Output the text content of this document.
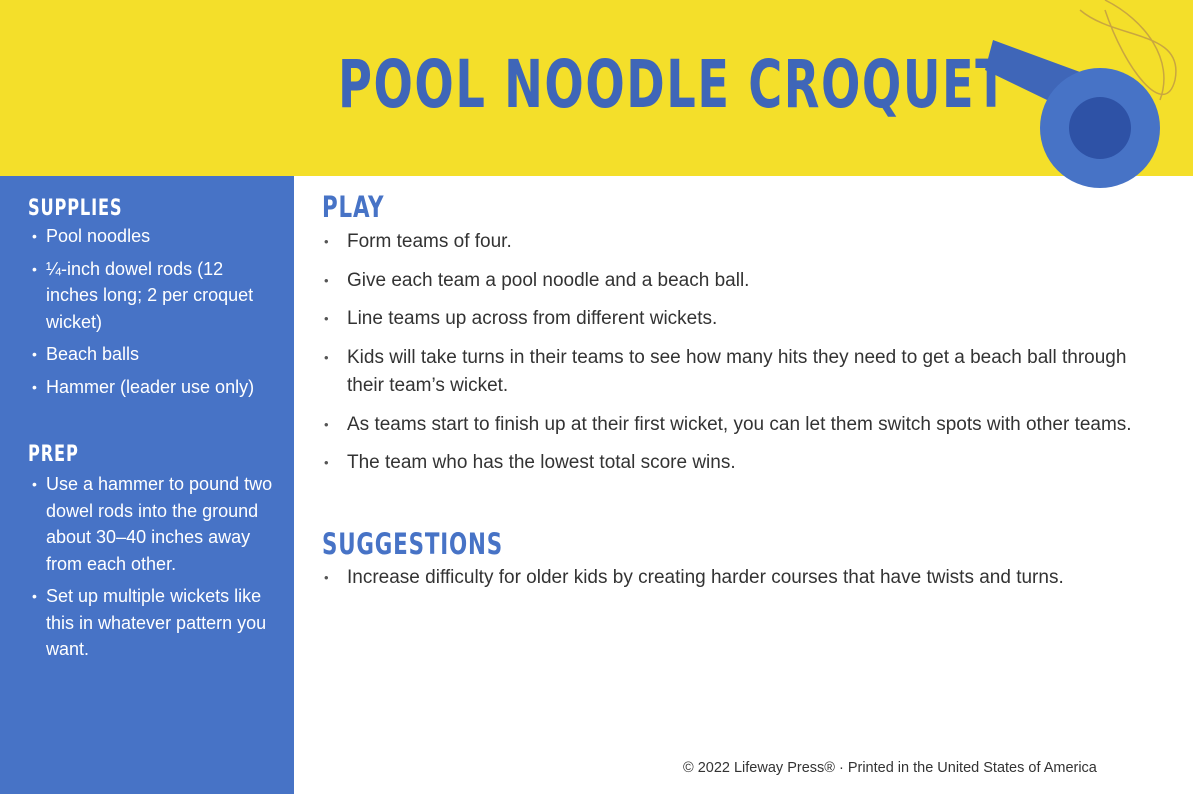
POOL NOODLE CROQUET
SUPPLIES
• Pool noodles
• ¼-inch dowel rods (12 inches long; 2 per croquet wicket)
• Beach balls
• Hammer (leader use only)
PREP
• Use a hammer to pound two dowel rods into the ground about 30–40 inches away from each other.
• Set up multiple wickets like this in whatever pattern you want.
PLAY
• Form teams of four.
• Give each team a pool noodle and a beach ball.
• Line teams up across from different wickets.
• Kids will take turns in their teams to see how many hits they need to get a beach ball through their team’s wicket.
• As teams start to finish up at their first wicket, you can let them switch spots with other teams.
• The team who has the lowest total score wins.
SUGGESTIONS
• Increase difficulty for older kids by creating harder courses that have twists and turns.
© 2022 Lifeway Press® · Printed in the United States of America
